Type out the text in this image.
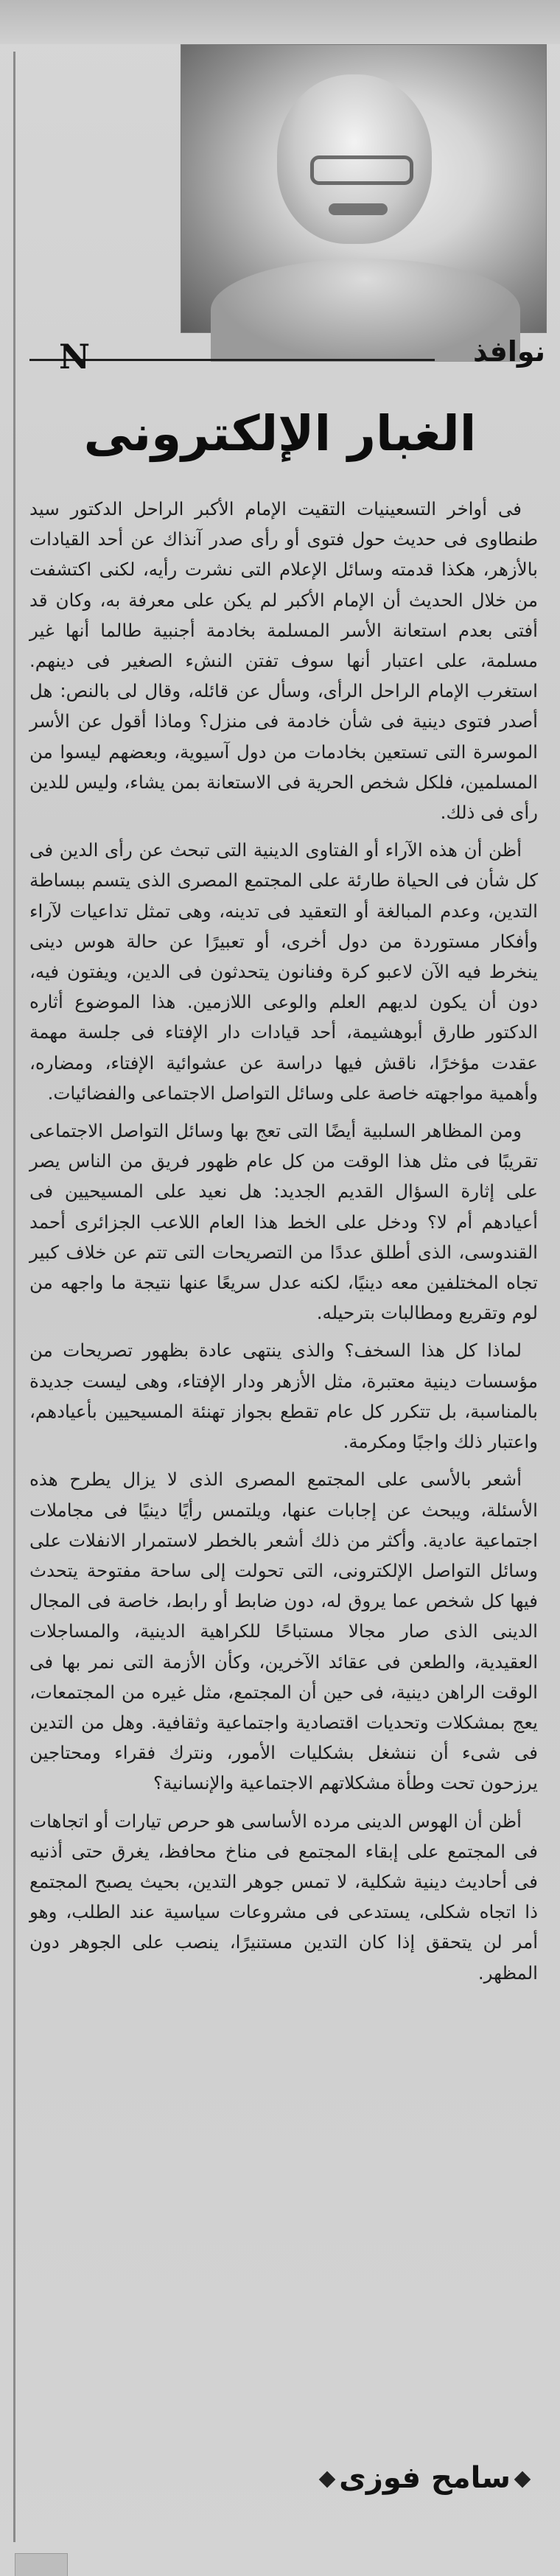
N	نوافذ
الغبار الإلكترونى

فى أواخر التسعينيات التقيت الإمام الأكبر الراحل الدكتور سيد طنطاوى فى حديث حول فتوى أو رأى صدر آنذاك عن أحد القيادات بالأزهر، هكذا قدمته وسائل الإعلام التى نشرت رأيه، لكنى اكتشفت من خلال الحديث أن الإمام الأكبر لم يكن على معرفة به، وكان قد أفتى بعدم استعانة الأسر المسلمة بخادمة أجنبية طالما أنها غير مسلمة، على اعتبار أنها سوف تفتن النشء الصغير فى دينهم. استغرب الإمام الراحل الرأى، وسأل عن قائله، وقال لى بالنص: هل أصدر فتوى دينية فى شأن خادمة فى منزل؟ وماذا أقول عن الأسر الموسرة التى تستعين بخادمات من دول آسيوية، وبعضهم ليسوا من المسلمين، فلكل شخص الحرية فى الاستعانة بمن يشاء، وليس للدين رأى فى ذلك.

أظن أن هذه الآراء أو الفتاوى الدينية التى تبحث عن رأى الدين فى كل شأن فى الحياة طارئة على المجتمع المصرى الذى يتسم ببساطة التدين، وعدم المبالغة أو التعقيد فى تدينه، وهى تمثل تداعيات لآراء وأفكار مستوردة من دول أخرى، أو تعبيرًا عن حالة هوس دينى ينخرط فيه الآن لاعبو كرة وفنانون يتحدثون فى الدين، ويفتون فيه، دون أن يكون لديهم العلم والوعى اللازمين. هذا الموضوع أثاره الدكتور طارق أبوهشيمة، أحد قيادات دار الإفتاء فى جلسة مهمة عقدت مؤخرًا، ناقش فيها دراسة عن عشوائية الإفتاء، ومضاره، وأهمية مواجهته خاصة على وسائل التواصل الاجتماعى والفضائيات.

ومن المظاهر السلبية أيضًا التى تعج بها وسائل التواصل الاجتماعى تقريبًا فى مثل هذا الوقت من كل عام ظهور فريق من الناس يصر على إثارة السؤال القديم الجديد: هل نعيد على المسيحيين فى أعيادهم أم لا؟ ودخل على الخط هذا العام اللاعب الجزائرى أحمد القندوسى، الذى أطلق عددًا من التصريحات التى تتم عن خلاف كبير تجاه المختلفين معه دينيًا، لكنه عدل سريعًا عنها نتيجة ما واجهه من لوم وتقريع ومطالبات بترحيله.

لماذا كل هذا السخف؟ والذى ينتهى عادة بظهور تصريحات من مؤسسات دينية معتبرة، مثل الأزهر ودار الإفتاء، وهى ليست جديدة بالمناسبة، بل تتكرر كل عام تقطع بجواز تهنئة المسيحيين بأعيادهم، واعتبار ذلك واجبًا ومكرمة.

أشعر بالأسى على المجتمع المصرى الذى لا يزال يطرح هذه الأسئلة، ويبحث عن إجابات عنها، ويلتمس رأيًا دينيًا فى مجاملات اجتماعية عادية. وأكثر من ذلك أشعر بالخطر لاستمرار الانفلات على وسائل التواصل الإلكترونى، التى تحولت إلى ساحة مفتوحة يتحدث فيها كل شخص عما يروق له، دون ضابط أو رابط، خاصة فى المجال الدينى الذى صار مجالا مستباحًا للكراهية الدينية، والمساجلات العقيدية، والطعن فى عقائد الآخرين، وكأن الأزمة التى نمر بها فى الوقت الراهن دينية، فى حين أن المجتمع، مثل غيره من المجتمعات، يعج بمشكلات وتحديات اقتصادية واجتماعية وثقافية. وهل من التدين فى شىء أن ننشغل بشكليات الأمور، ونترك فقراء ومحتاجين يرزحون تحت وطأة مشكلاتهم الاجتماعية والإنسانية؟

أظن أن الهوس الدينى مرده الأساسى هو حرص تيارات أو اتجاهات فى المجتمع على إبقاء المجتمع فى مناخ محافظ، يغرق حتى أذنيه فى أحاديث دينية شكلية، لا تمس جوهر التدين، بحيث يصبح المجتمع ذا اتجاه شكلى، يستدعى فى مشروعات سياسية عند الطلب، وهو أمر لن يتحقق إذا كان التدين مستنيرًا، ينصب على الجوهر دون المظهر.

سامح فوزى
